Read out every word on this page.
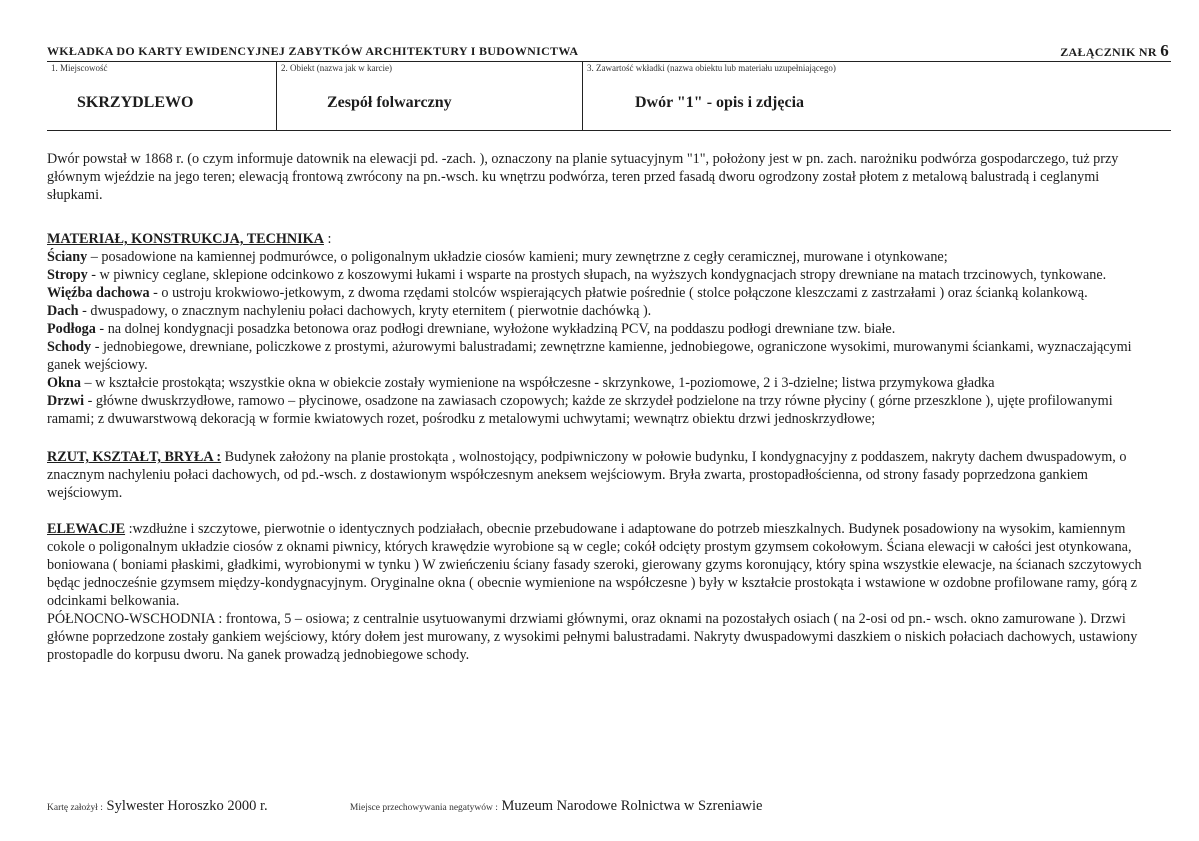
WKŁADKA DO KARTY EWIDENCYJNEJ ZABYTKÓW ARCHITEKTURY I BUDOWNICTWA	ZAŁĄCZNIK NR 6
1. Miejscowość
SKRZYDLEWO
2. Obiekt (nazwa jak w karcie)
Zespół folwarczny
3. Zawartość wkładki (nazwa obiektu lub materiału uzupełniającego)
Dwór "1" - opis i zdjęcia

Dwór powstał w 1868 r. (o czym informuje datownik na elewacji pd. -zach. ), oznaczony na planie sytuacyjnym "1", położony jest w pn. zach. narożniku podwórza gospodarczego, tuż przy głównym wjeździe na jego teren; elewacją frontową zwrócony na pn.-wsch. ku wnętrzu podwórza, teren przed fasadą dworu ogrodzony został płotem z metalową balustradą i ceglanymi słupkami.

MATERIAŁ, KONSTRUKCJA, TECHNIKA :

Ściany – posadowione na kamiennej podmurówce, o poligonalnym układzie ciosów kamieni; mury zewnętrzne z cegły ceramicznej, murowane i otynkowane;

Stropy - w piwnicy ceglane, sklepione odcinkowo z koszowymi łukami i wsparte na prostych słupach, na wyższych kondygnacjach stropy drewniane na matach trzcinowych, tynkowane.

Więźba dachowa - o ustroju krokwiowo-jetkowym, z dwoma rzędami stolców wspierających płatwie pośrednie ( stolce połączone kleszczami z zastrzałami ) oraz ścianką kolankową.

Dach - dwuspadowy, o znacznym nachyleniu połaci dachowych, kryty eternitem ( pierwotnie dachówką ).

Podłoga - na dolnej kondygnacji posadzka betonowa oraz podłogi drewniane, wyłożone wykładziną PCV, na poddaszu podłogi drewniane tzw. białe.

Schody - jednobiegowe, drewniane, policzkowe z prostymi, ażurowymi balustradami; zewnętrzne kamienne, jednobiegowe, ograniczone wysokimi, murowanymi ściankami, wyznaczającymi ganek wejściowy.

Okna – w kształcie prostokąta; wszystkie okna w obiekcie zostały wymienione na współczesne - skrzynkowe, 1-poziomowe, 2 i 3-dzielne; listwa przymykowa gładka

Drzwi - główne dwuskrzydłowe, ramowo – płycinowe, osadzone na zawiasach czopowych; każde ze skrzydeł podzielone na trzy równe płyciny ( górne przeszklone ), ujęte profilowanymi ramami; z dwuwarstwową dekoracją w formie kwiatowych rozet, pośrodku z metalowymi uchwytami; wewnątrz obiektu drzwi jednoskrzydłowe;

RZUT, KSZTAŁT, BRYŁA : Budynek założony na planie prostokąta , wolnostojący, podpiwniczony w połowie budynku, I kondygnacyjny z poddaszem, nakryty dachem dwuspadowym, o znacznym nachyleniu połaci dachowych, od pd.-wsch. z dostawionym współczesnym aneksem wejściowym. Bryła zwarta, prostopadłościenna, od strony fasady poprzedzona gankiem wejściowym.

ELEWACJE :wzdłużne i szczytowe, pierwotnie o identycznych podziałach, obecnie przebudowane i adaptowane do potrzeb mieszkalnych. Budynek posadowiony na wysokim, kamiennym cokole o poligonalnym układzie ciosów z oknami piwnicy, których krawędzie wyrobione są w cegle; cokół odcięty prostym gzymsem cokołowym. Ściana elewacji w całości jest otynkowana, boniowana ( boniami płaskimi, gładkimi, wyrobionymi w tynku ) W zwieńczeniu ściany fasady szeroki, gierowany gzyms koronujący, który spina wszystkie elewacje, na ścianach szczytowych będąc jednocześnie gzymsem między-kondygnacyjnym. Oryginalne okna ( obecnie wymienione na współczesne ) były w kształcie prostokąta i wstawione w ozdobne profilowane ramy, górą z odcinkami belkowania.

PÓŁNOCNO-WSCHODNIA : frontowa, 5 – osiowa; z centralnie usytuowanymi drzwiami głównymi, oraz oknami na pozostałych osiach ( na 2-osi od pn.- wsch. okno zamurowane ). Drzwi główne poprzedzone zostały gankiem wejściowy, który dołem jest murowany, z wysokimi pełnymi balustradami. Nakryty dwuspadowymi daszkiem o niskich połaciach dachowych, ustawiony prostopadle do korpusu dworu. Na ganek prowadzą jednobiegowe schody.

Kartę założył : Sylwester Horoszko 2000 r.	Miejsce przechowywania negatywów : Muzeum Narodowe Rolnictwa w Szreniawie
